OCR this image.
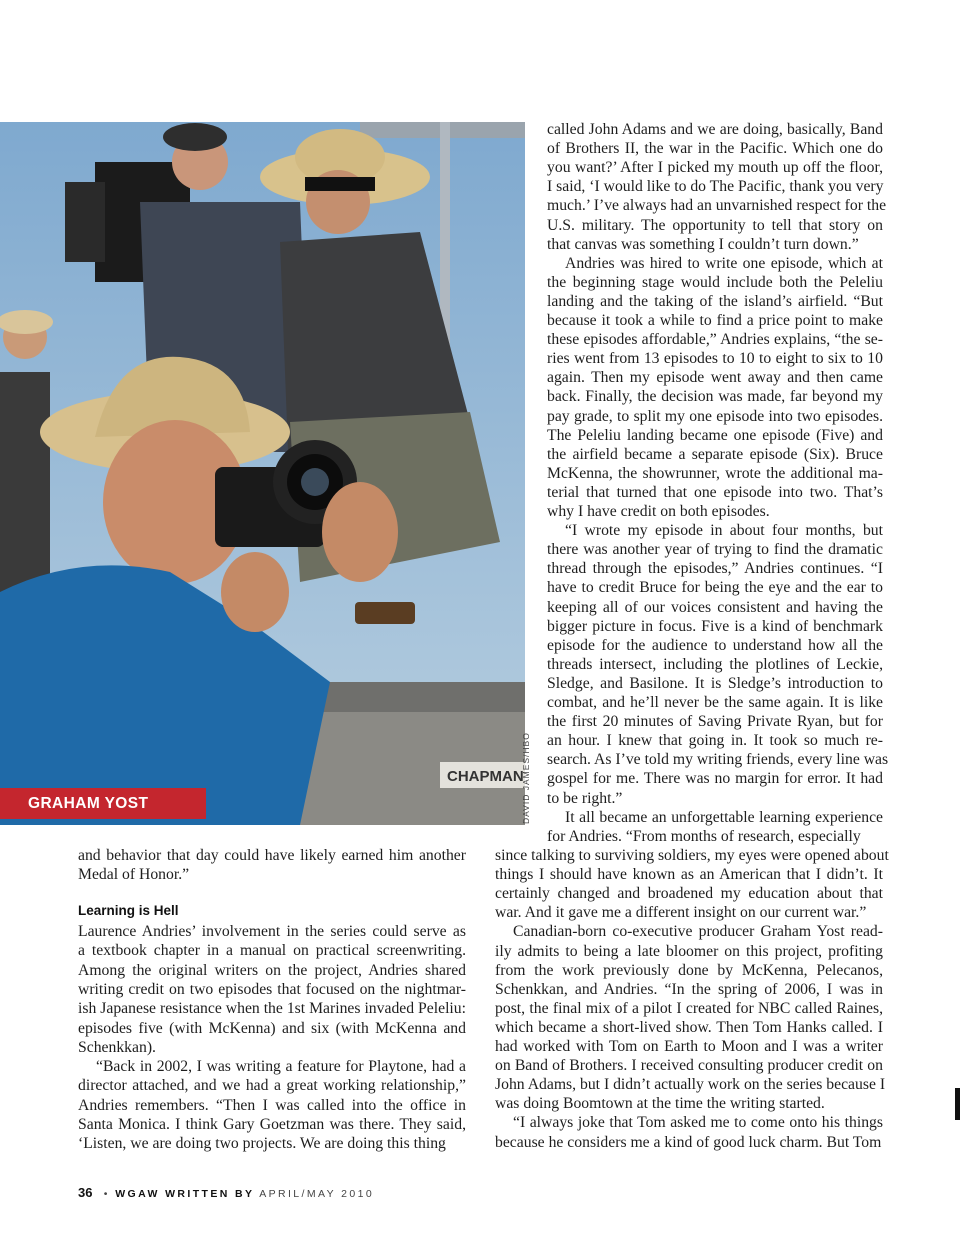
CHAPMAN
GRAHAM YOST	DAVID JAMES/HBO
and behavior that day could have likely earned him another
Medal of Honor.”
Learning is Hell
Laurence Andries’ involvement in the series could serve as
a textbook chapter in a manual on practical screenwriting.
Among the original writers on the project, Andries shared
writing credit on two episodes that focused on the nightmar-
ish Japanese resistance when the 1st Marines invaded Peleliu:
episodes five (with McKenna) and six (with McKenna and
Schenkkan).
“Back in 2002, I was writing a feature for Playtone, had a
director attached, and we had a great working relationship,”
Andries remembers. “Then I was called into the office in
Santa Monica. I think Gary Goetzman was there. They said,
‘Listen, we are doing two projects. We are doing this thing
called John Adams and we are doing, basically, Band
of Brothers II, the war in the Pacific. Which one do
you want?’ After I picked my mouth up off the floor,
I said, ‘I would like to do The Pacific, thank you very
much.’ I’ve always had an unvarnished respect for the
U.S. military. The opportunity to tell that story on
that canvas was something I couldn’t turn down.”
Andries was hired to write one episode, which at
the beginning stage would include both the Peleliu
landing and the taking of the island’s airfield. “But
because it took a while to find a price point to make
these episodes affordable,” Andries explains, “the se-
ries went from 13 episodes to 10 to eight to six to 10
again. Then my episode went away and then came
back. Finally, the decision was made, far beyond my
pay grade, to split my one episode into two episodes.
The Peleliu landing became one episode (Five) and
the airfield became a separate episode (Six). Bruce
McKenna, the showrunner, wrote the additional ma-
terial that turned that one episode into two. That’s
why I have credit on both episodes.
“I wrote my episode in about four months, but
there was another year of trying to find the dramatic
thread through the episodes,” Andries continues. “I
have to credit Bruce for being the eye and the ear to
keeping all of our voices consistent and having the
bigger picture in focus. Five is a kind of benchmark
episode for the audience to understand how all the
threads intersect, including the plotlines of Leckie,
Sledge, and Basilone. It is Sledge’s introduction to
combat, and he’ll never be the same again. It is like
the first 20 minutes of Saving Private Ryan, but for
an hour. I knew that going in. It took so much re-
search. As I’ve told my writing friends, every line was
gospel for me. There was no margin for error. It had
to be right.”
It all became an unforgettable learning experience
for Andries. “From months of research, especially
since talking to surviving soldiers, my eyes were opened about
things I should have known as an American that I didn’t. It
certainly changed and broadened my education about that
war. And it gave me a different insight on our current war.”
Canadian-born co-executive producer Graham Yost read-
ily admits to being a late bloomer on this project, profiting
from the work previously done by McKenna, Pelecanos,
Schenkkan, and Andries. “In the spring of 2006, I was in
post, the final mix of a pilot I created for NBC called Raines,
which became a short-lived show. Then Tom Hanks called. I
had worked with Tom on Earth to Moon and I was a writer
on Band of Brothers. I received consulting producer credit on
John Adams, but I didn’t actually work on the series because I
was doing Boomtown at the time the writing started.
“I always joke that Tom asked me to come onto his things
because he considers me a kind of good luck charm. But Tom
36 • WGAW WRITTEN BY APRIL/MAY 2010
